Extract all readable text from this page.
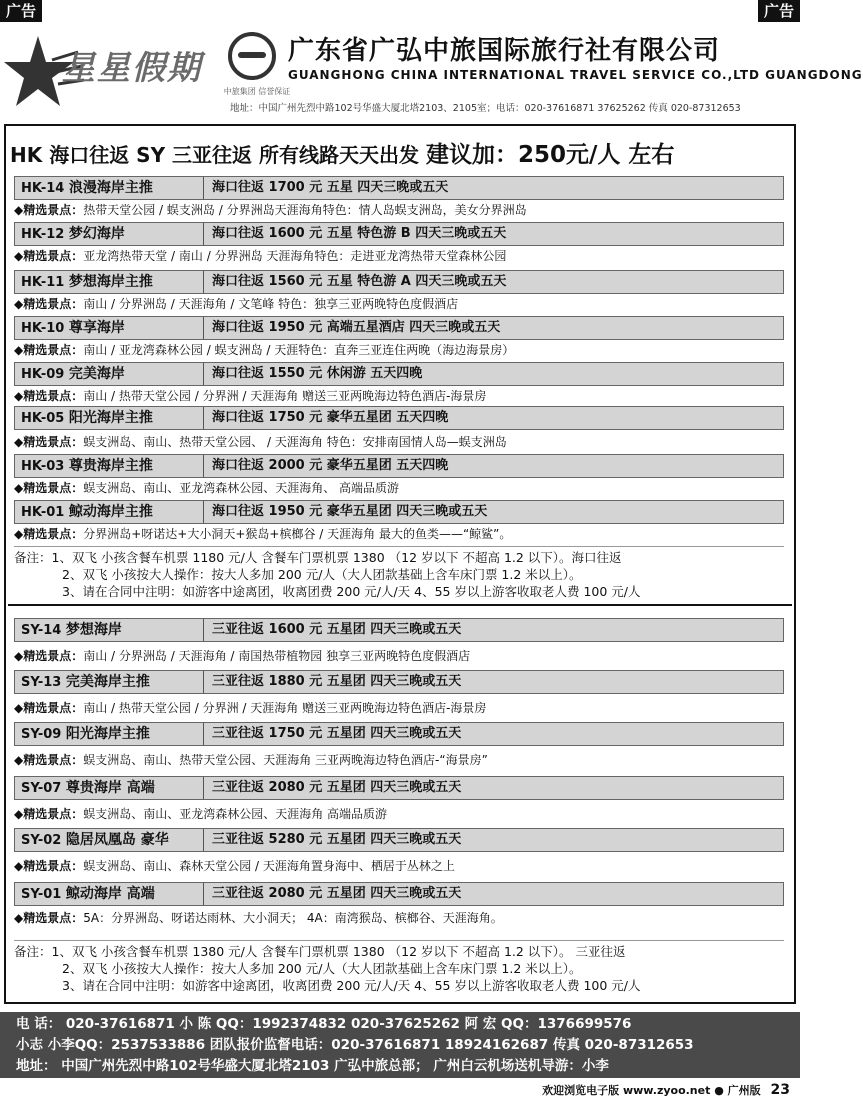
广告	广告
星星假期
中旅集团 信誉保证
广东省广弘中旅国际旅行社有限公司
GUANGHONG CHINA INTERNATIONAL TRAVEL SERVICE CO.,LTD GUANGDONG
地址：中国广州先烈中路102号华盛大厦北塔2103、2105室；电话：020-37616871 37625262 传真 020-87312653
HK 海口往返 SY 三亚往返 所有线路天天出发 建议加：250元/人 左右
HK-14 浪漫海岸主推	海口往返 1700 元 五星 四天三晚或五天
◆精选景点：热带天堂公园 / 蜈支洲岛 / 分界洲岛天涯海角特色：情人岛蜈支洲岛，美女分界洲岛
HK-12 梦幻海岸	海口往返 1600 元 五星 特色游 B 四天三晚或五天
◆精选景点：亚龙湾热带天堂 / 南山 / 分界洲岛 天涯海角特色：走进亚龙湾热带天堂森林公园
HK-11 梦想海岸主推	海口往返 1560 元 五星 特色游 A 四天三晚或五天
◆精选景点：南山 / 分界洲岛 / 天涯海角 / 文笔峰 特色：独享三亚两晚特色度假酒店
HK-10 尊享海岸	海口往返 1950 元 高端五星酒店 四天三晚或五天
◆精选景点：南山 / 亚龙湾森林公园 / 蜈支洲岛 / 天涯特色：直奔三亚连住两晚（海边海景房）
HK-09 完美海岸	海口往返 1550 元 休闲游 五天四晚
◆精选景点：南山 / 热带天堂公园 / 分界洲 / 天涯海角 赠送三亚两晚海边特色酒店-海景房
HK-05 阳光海岸主推	海口往返 1750 元 豪华五星团 五天四晚
◆精选景点：蜈支洲岛、南山、热带天堂公园、 / 天涯海角 特色：安排南国情人岛—蜈支洲岛
HK-03 尊贵海岸主推	海口往返 2000 元 豪华五星团 五天四晚
◆精选景点：蜈支洲岛、南山、亚龙湾森林公园、天涯海角、 高端品质游
HK-01 鲸动海岸主推	海口往返 1950 元 豪华五星团 四天三晚或五天
◆精选景点：分界洲岛+呀诺达+大小洞天+猴岛+槟榔谷 / 天涯海角 最大的鱼类——“鲸鲨”。
备注：1、双飞 小孩含餐车机票 1180 元/人 含餐车门票机票 1380 （12 岁以下 不超高 1.2 以下）。海口往返
2、双飞 小孩按大人操作：按大人多加 200 元/人（大人团款基础上含车床门票 1.2 米以上）。
3、请在合同中注明：如游客中途离团，收离团费 200 元/人/天 4、55 岁以上游客收取老人费 100 元/人
SY-14 梦想海岸	三亚往返 1600 元 五星团 四天三晚或五天
◆精选景点：南山 / 分界洲岛 / 天涯海角 / 南国热带植物园 独享三亚两晚特色度假酒店
SY-13 完美海岸主推	三亚往返 1880 元 五星团 四天三晚或五天
◆精选景点：南山 / 热带天堂公园 / 分界洲 / 天涯海角 赠送三亚两晚海边特色酒店-海景房
SY-09 阳光海岸主推	三亚往返 1750 元 五星团 四天三晚或五天
◆精选景点：蜈支洲岛、南山、热带天堂公园、天涯海角 三亚两晚海边特色酒店-“海景房”
SY-07 尊贵海岸 高端	三亚往返 2080 元 五星团 四天三晚或五天
◆精选景点：蜈支洲岛、南山、亚龙湾森林公园、天涯海角 高端品质游
SY-02 隐居凤凰岛 豪华	三亚往返 5280 元 五星团 四天三晚或五天
◆精选景点：蜈支洲岛、南山、森林天堂公园 / 天涯海角置身海中、栖居于丛林之上
SY-01 鲸动海岸 高端	三亚往返 2080 元 五星团 四天三晚或五天
◆精选景点：5A：分界洲岛、呀诺达雨林、大小洞天； 4A：南湾猴岛、槟榔谷、天涯海角。
备注：1、双飞 小孩含餐车机票 1380 元/人 含餐车门票机票 1380 （12 岁以下 不超高 1.2 以下）。 三亚往返
2、双飞 小孩按大人操作：按大人多加 200 元/人（大人团款基础上含车床门票 1.2 米以上）。
3、请在合同中注明：如游客中途离团，收离团费 200 元/人/天 4、55 岁以上游客收取老人费 100 元/人
电 话： 020-37616871 小 陈 QQ：1992374832 020-37625262 阿 宏 QQ：1376699576
小志 小李QQ：2537533886 团队报价监督电话：020-37616871 18924162687 传真 020-87312653
地址： 中国广州先烈中路102号华盛大厦北塔2103 广弘中旅总部； 广州白云机场送机导游：小李
欢迎浏览电子版 www.zyoo.net ● 广州版 23
